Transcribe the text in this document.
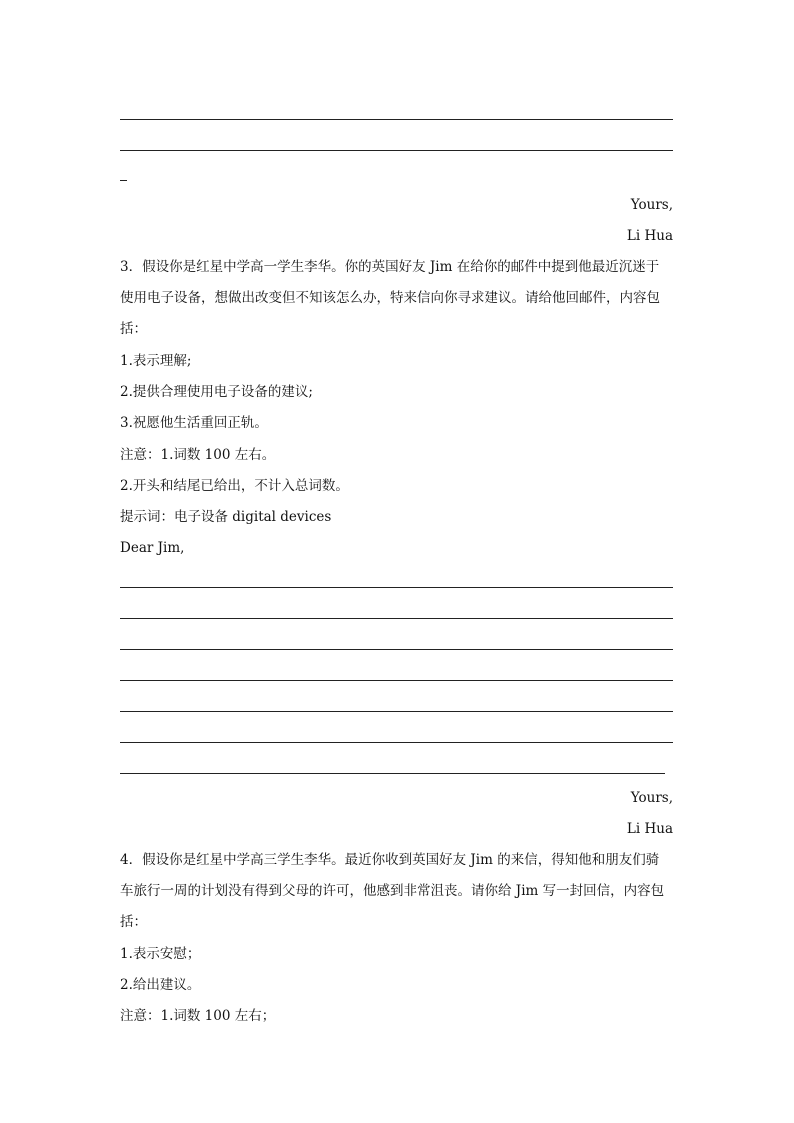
Yours,
Li Hua
3．假设你是红星中学高一学生李华。你的英国好友 Jim 在给你的邮件中提到他最近沉迷于
使用电子设备，想做出改变但不知该怎么办，特来信向你寻求建议。请给他回邮件，内容包
括：
1.表示理解;
2.提供合理使用电子设备的建议;
3.祝愿他生活重回正轨。
注意：1.词数 100 左右。
2.开头和结尾已给出，不计入总词数。
提示词：电子设备 digital devices
Dear Jim,
Yours,
Li Hua
4．假设你是红星中学高三学生李华。最近你收到英国好友 Jim 的来信，得知他和朋友们骑
车旅行一周的计划没有得到父母的许可，他感到非常沮丧。请你给 Jim 写一封回信，内容包
括：
1.表示安慰；
2.给出建议。
注意：1.词数 100 左右；
